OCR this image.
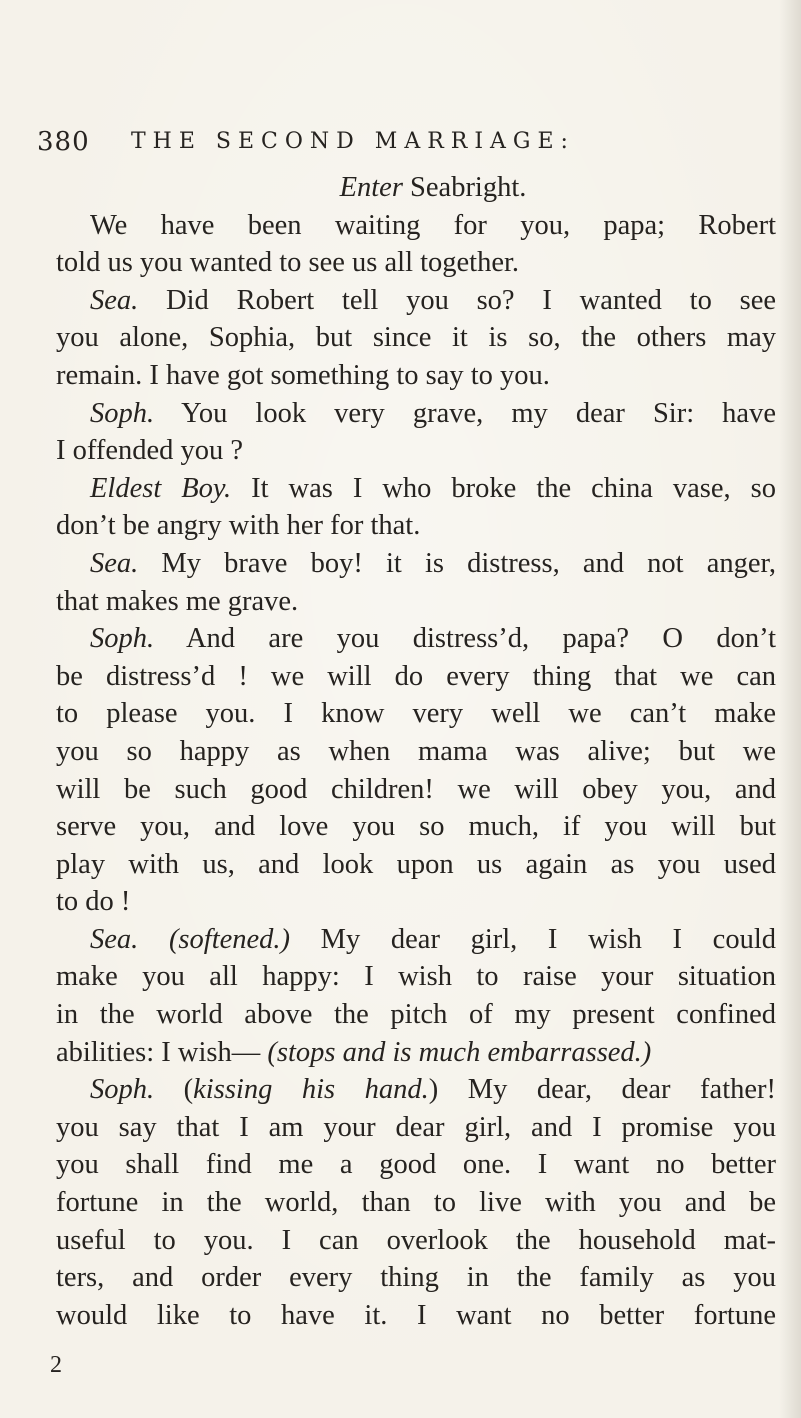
380 THE SECOND MARRIAGE:
Enter Seabright.
We have been waiting for you, papa; Robert
told us you wanted to see us all together.
Sea. Did Robert tell you so? I wanted to see
you alone, Sophia, but since it is so, the others may
remain. I have got something to say to you.
Soph. You look very grave, my dear Sir: have
I offended you ?
Eldest Boy. It was I who broke the china vase, so
don’t be angry with her for that.
Sea. My brave boy! it is distress, and not anger,
that makes me grave.
Soph. And are you distress’d, papa? O don’t
be distress’d ! we will do every thing that we can
to please you. I know very well we can’t make
you so happy as when mama was alive; but we
will be such good children! we will obey you, and
serve you, and love you so much, if you will but
play with us, and look upon us again as you used
to do !
Sea. (softened.) My dear girl, I wish I could
make you all happy: I wish to raise your situation
in the world above the pitch of my present confined
abilities: I wish— (stops and is much embarrassed.)
Soph. (kissing his hand.) My dear, dear father!
you say that I am your dear girl, and I promise you
you shall find me a good one. I want no better
fortune in the world, than to live with you and be
useful to you. I can overlook the household mat-
ters, and order every thing in the family as you
would like to have it. I want no better fortune
2
